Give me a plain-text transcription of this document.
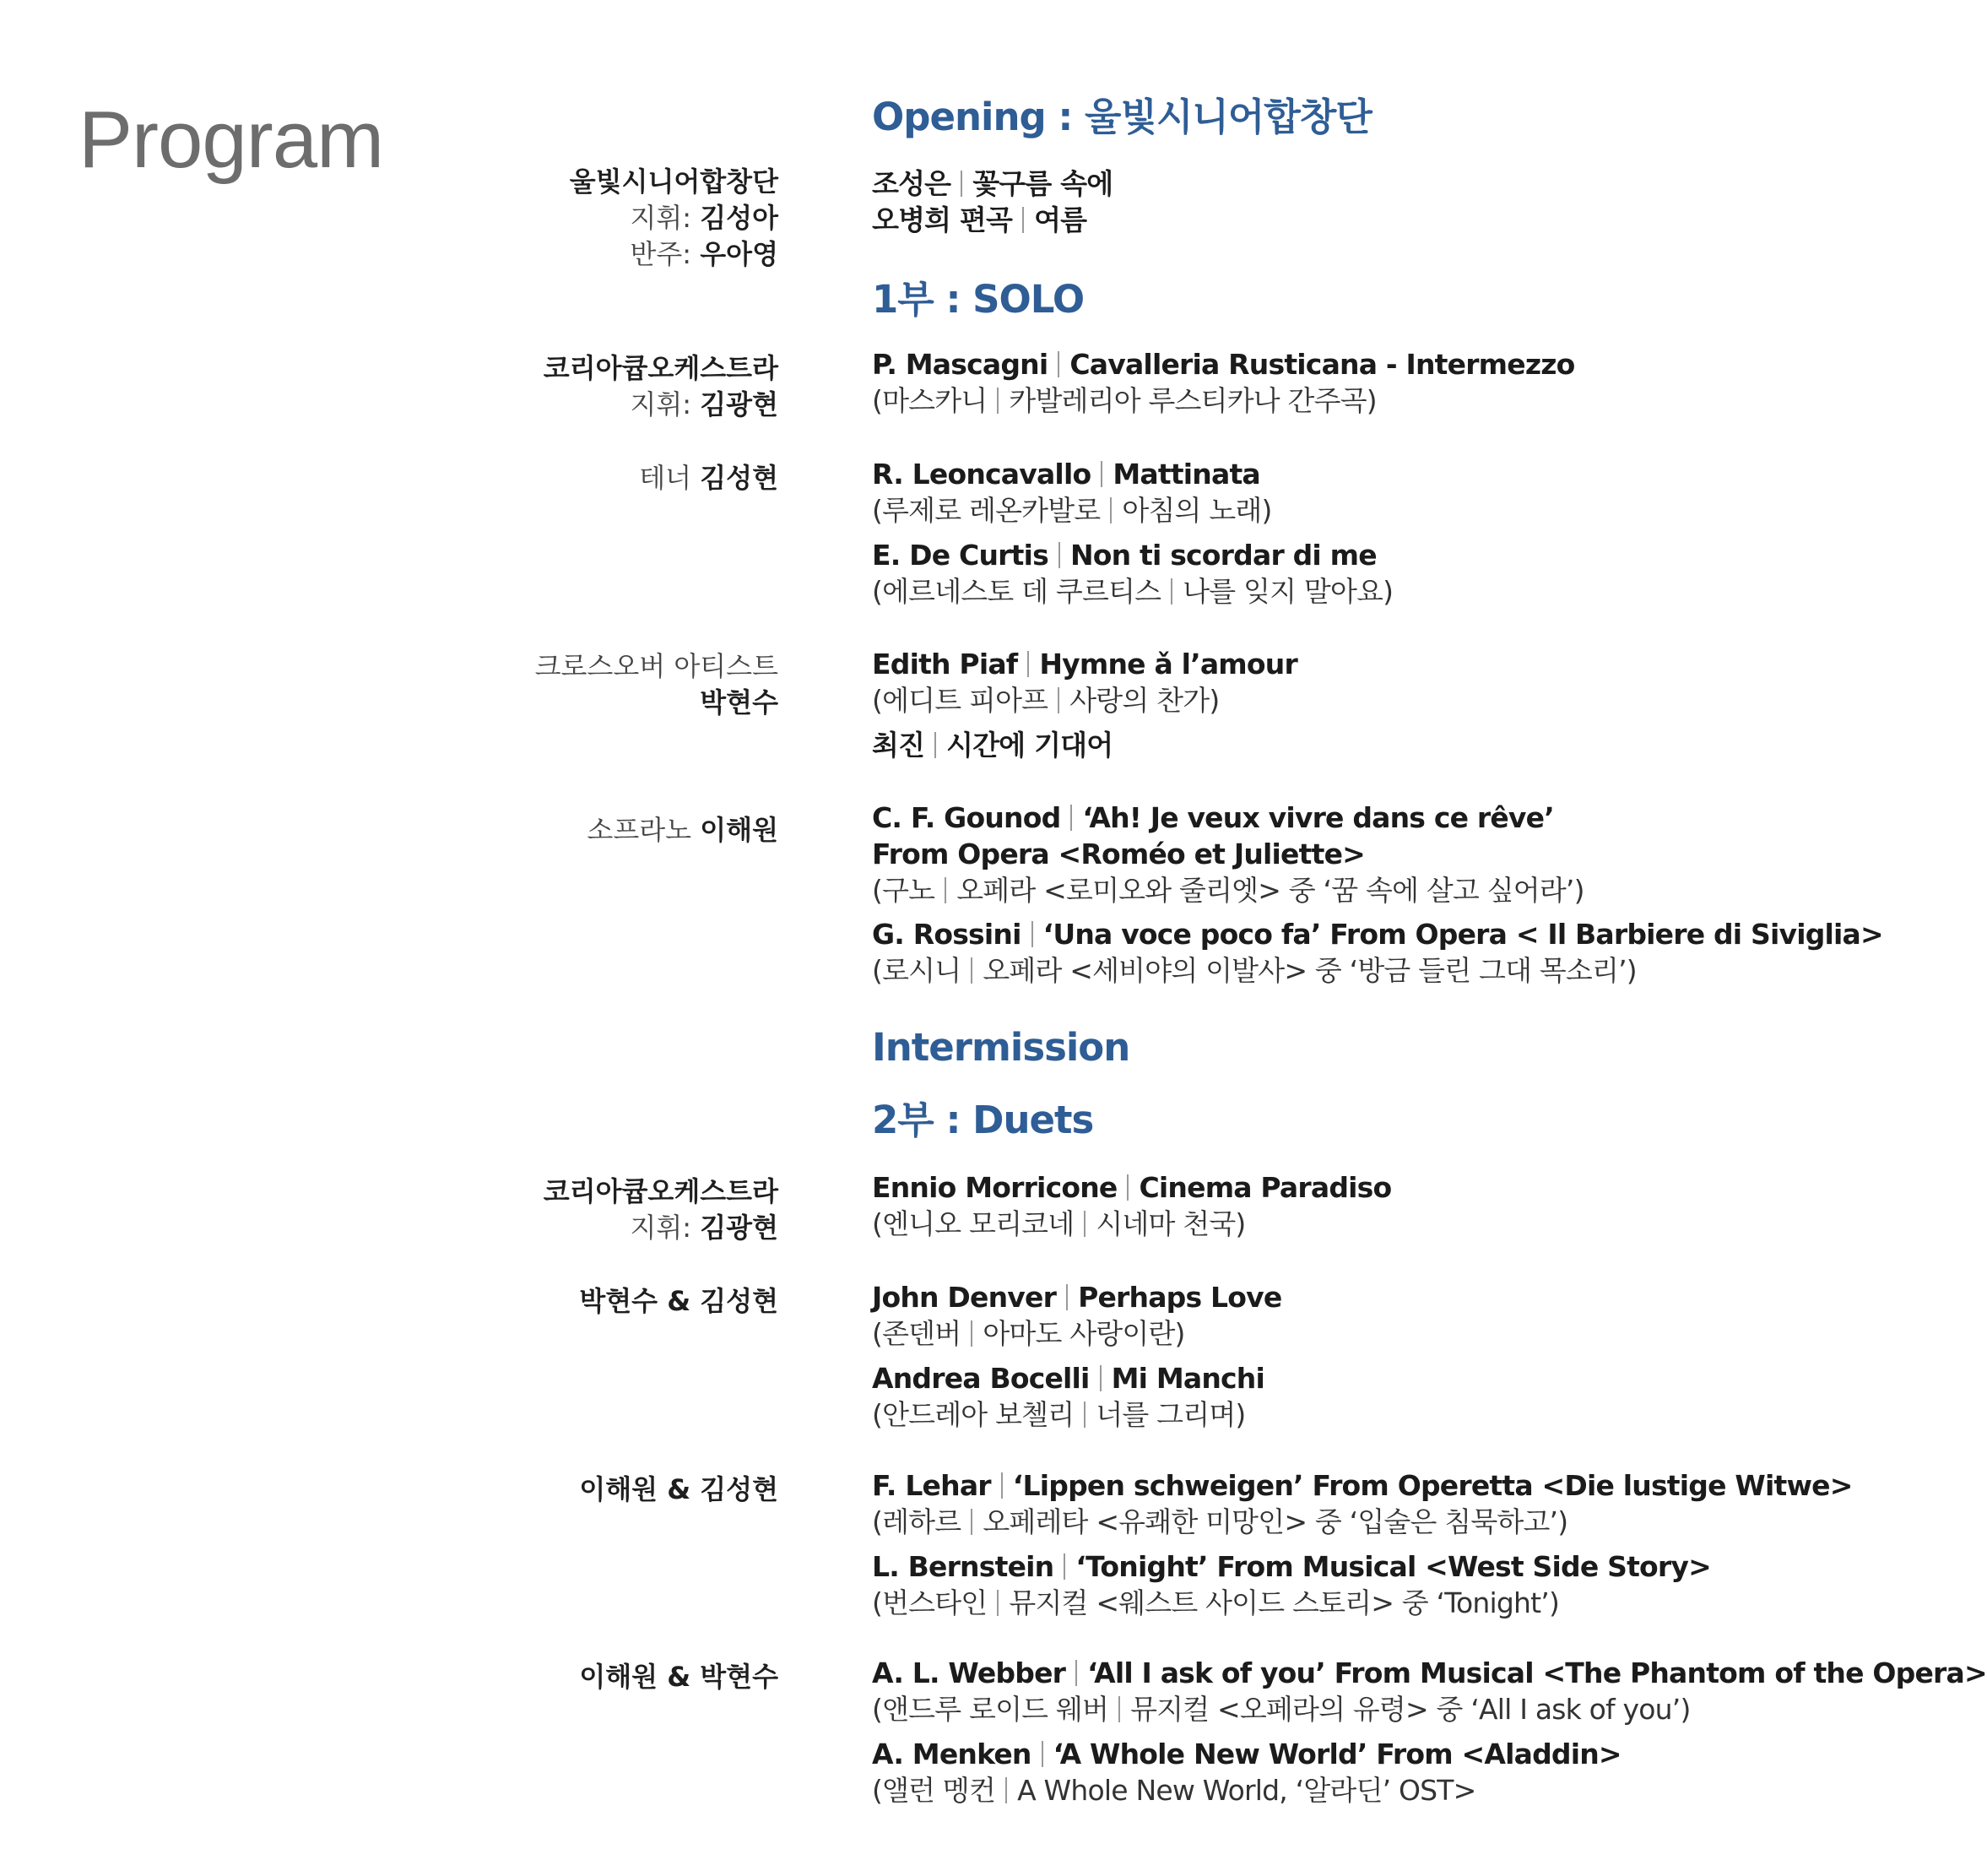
Program	Opening : 울빛시니어합창단
1부 : SOLO
Intermission
2부 : Duets
울빛시니어합창단
지휘: 김성아
반주: 우아영
코리아큡오케스트라
지휘: 김광현
테너 김성현
크로스오버 아티스트
박현수
소프라노 이해원
코리아큡오케스트라
지휘: 김광현
박현수 & 김성현
이해원 & 김성현
이해원 & 박현수
조성은 꽃구름 속에
오병희 편곡 여름
P. Mascagni Cavalleria Rusticana - Intermezzo
(마스카니 카발레리아 루스티카나 간주곡)
R. Leoncavallo Mattinata
(루제로 레온카발로 아침의 노래)
E. De Curtis Non ti scordar di me
(에르네스토 데 쿠르티스 나를 잊지 말아요)
Edith Piaf Hymne ǎ l’amour
(에디트 피아프 사랑의 찬가)
최진 시간에 기대어
C. F. Gounod ‘Ah! Je veux vivre dans ce rêve’
From Opera <Roméo et Juliette>
(구노 오페라 <로미오와 줄리엣> 중 ‘꿈 속에 살고 싶어라’)
G. Rossini ‘Una voce poco fa’ From Opera < Il Barbiere di Siviglia>
(로시니 오페라 <세비야의 이발사> 중 ‘방금 들린 그대 목소리’)
Ennio Morricone Cinema Paradiso
(엔니오 모리코네 시네마 천국)
John Denver Perhaps Love
(존덴버 아마도 사랑이란)
Andrea Bocelli Mi Manchi
(안드레아 보첼리 너를 그리며)
F. Lehar ‘Lippen schweigen’ From Operetta <Die lustige Witwe>
(레하르 오페레타 <유쾌한 미망인> 중 ‘입술은 침묵하고’)
L. Bernstein ‘Tonight’ From Musical <West Side Story>
(번스타인 뮤지컬 <웨스트 사이드 스토리> 중 ‘Tonight’)
A. L. Webber ‘All I ask of you’ From Musical <The Phantom of the Opera>
(앤드루 로이드 웨버 뮤지컬 <오페라의 유령> 중 ‘All I ask of you’)
A. Menken ‘A Whole New World’ From <Aladdin>
(앨런 멩컨 A Whole New World, ‘알라딘’ OST>
